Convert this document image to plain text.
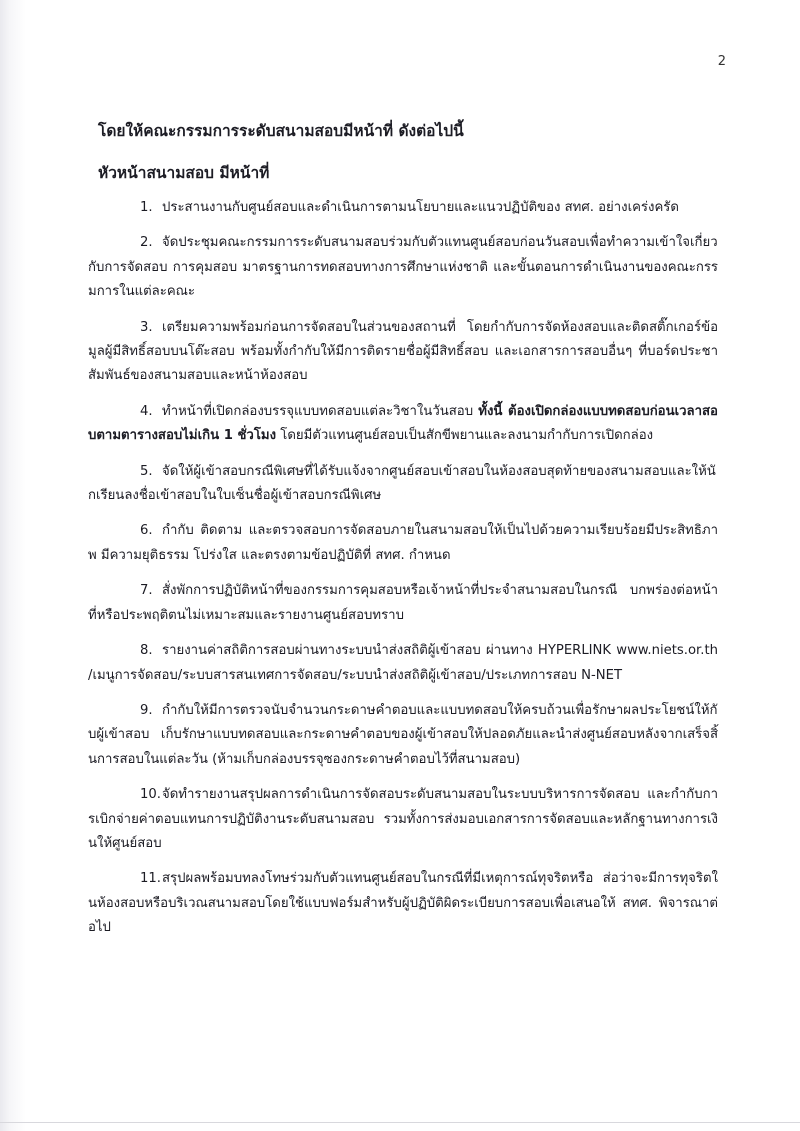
2
โดยให้คณะกรรมการระดับสนามสอบมีหน้าที่ ดังต่อไปนี้
หัวหน้าสนามสอบ มีหน้าที่

1. ประสานงานกับศูนย์สอบและดำเนินการตามนโยบายและแนวปฏิบัติของ สทศ. อย่างเคร่งครัด

2. จัดประชุมคณะกรรมการระดับสนามสอบร่วมกับตัวแทนศูนย์สอบก่อนวันสอบเพื่อทำความเข้าใจเกี่ยวกับการจัดสอบ การคุมสอบ มาตรฐานการทดสอบทางการศึกษาแห่งชาติ และขั้นตอนการดำเนินงานของคณะกรรมการในแต่ละคณะ

3. เตรียมความพร้อมก่อนการจัดสอบในส่วนของสถานที่ โดยกำกับการจัดห้องสอบและติดสติ๊กเกอร์ข้อมูลผู้มีสิทธิ์สอบบนโต๊ะสอบ พร้อมทั้งกำกับให้มีการติดรายชื่อผู้มีสิทธิ์สอบ และเอกสารการสอบอื่นๆ ที่บอร์ดประชาสัมพันธ์ของสนามสอบและหน้าห้องสอบ

4. ทำหน้าที่เปิดกล่องบรรจุแบบทดสอบแต่ละวิชาในวันสอบ ทั้งนี้ ต้องเปิดกล่องแบบทดสอบก่อนเวลาสอบตามตารางสอบไม่เกิน 1 ชั่วโมง โดยมีตัวแทนศูนย์สอบเป็นสักขีพยานและลงนามกำกับการเปิดกล่อง

5. จัดให้ผู้เข้าสอบกรณีพิเศษที่ได้รับแจ้งจากศูนย์สอบเข้าสอบในห้องสอบสุดท้ายของสนามสอบและให้นักเรียนลงชื่อเข้าสอบในใบเซ็นชื่อผู้เข้าสอบกรณีพิเศษ

6. กำกับ ติดตาม และตรวจสอบการจัดสอบภายในสนามสอบให้เป็นไปด้วยความเรียบร้อยมีประสิทธิภาพ มีความยุติธรรม โปร่งใส และตรงตามข้อปฏิบัติที่ สทศ. กำหนด

7. สั่งพักการปฏิบัติหน้าที่ของกรรมการคุมสอบหรือเจ้าหน้าที่ประจำสนามสอบในกรณี บกพร่องต่อหน้าที่หรือประพฤติตนไม่เหมาะสมและรายงานศูนย์สอบทราบ

8. รายงานค่าสถิติการสอบผ่านทางระบบนำส่งสถิติผู้เข้าสอบ ผ่านทาง HYPERLINK www.niets.or.th /เมนูการจัดสอบ/ระบบสารสนเทศการจัดสอบ/ระบบนำส่งสถิติผู้เข้าสอบ/ประเภทการสอบ N-NET

9. กำกับให้มีการตรวจนับจำนวนกระดาษคำตอบและแบบทดสอบให้ครบถ้วนเพื่อรักษาผลประโยชน์ให้กับผู้เข้าสอบ เก็บรักษาแบบทดสอบและกระดาษคำตอบของผู้เข้าสอบให้ปลอดภัยและนำส่งศูนย์สอบหลังจากเสร็จสิ้นการสอบในแต่ละวัน (ห้ามเก็บกล่องบรรจุซองกระดาษคำตอบไว้ที่สนามสอบ)

10.จัดทำรายงานสรุปผลการดำเนินการจัดสอบระดับสนามสอบในระบบบริหารการจัดสอบ และกำกับการเบิกจ่ายค่าตอบแทนการปฏิบัติงานระดับสนามสอบ รวมทั้งการส่งมอบเอกสารการจัดสอบและหลักฐานทางการเงินให้ศูนย์สอบ

11.สรุปผลพร้อมบทลงโทษร่วมกับตัวแทนศูนย์สอบในกรณีที่มีเหตุการณ์ทุจริตหรือ ส่อว่าจะมีการทุจริตในห้องสอบหรือบริเวณสนามสอบโดยใช้แบบฟอร์มสำหรับผู้ปฏิบัติผิดระเบียบการสอบเพื่อเสนอให้ สทศ. พิจารณาต่อไป
